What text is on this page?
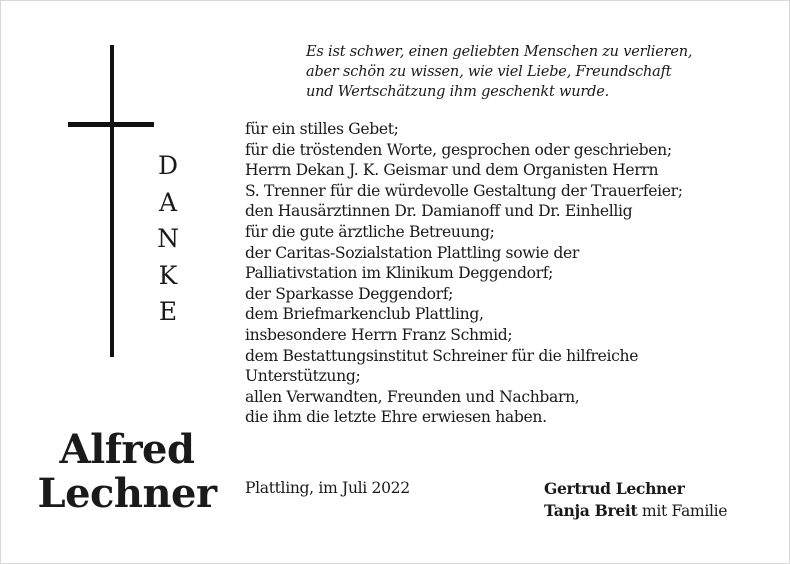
D
A
N
K
E
Alfred
Lechner
Es ist schwer, einen geliebten Menschen zu verlieren,
aber schön zu wissen, wie viel Liebe, Freundschaft
und Wertschätzung ihm geschenkt wurde.
für ein stilles Gebet;
für die tröstenden Worte, gesprochen oder geschrieben;
Herrn Dekan J. K. Geismar und dem Organisten Herrn
S. Trenner für die würdevolle Gestaltung der Trauerfeier;
den Hausärztinnen Dr. Damianoff und Dr. Einhellig
für die gute ärztliche Betreuung;
der Caritas-Sozialstation Plattling sowie der
Palliativstation im Klinikum Deggendorf;
der Sparkasse Deggendorf;
dem Briefmarkenclub Plattling,
insbesondere Herrn Franz Schmid;
dem Bestattungsinstitut Schreiner für die hilfreiche
Unterstützung;
allen Verwandten, Freunden und Nachbarn,
die ihm die letzte Ehre erwiesen haben.
Plattling, im Juli 2022	Gertrud Lechner
Tanja Breit mit Familie
